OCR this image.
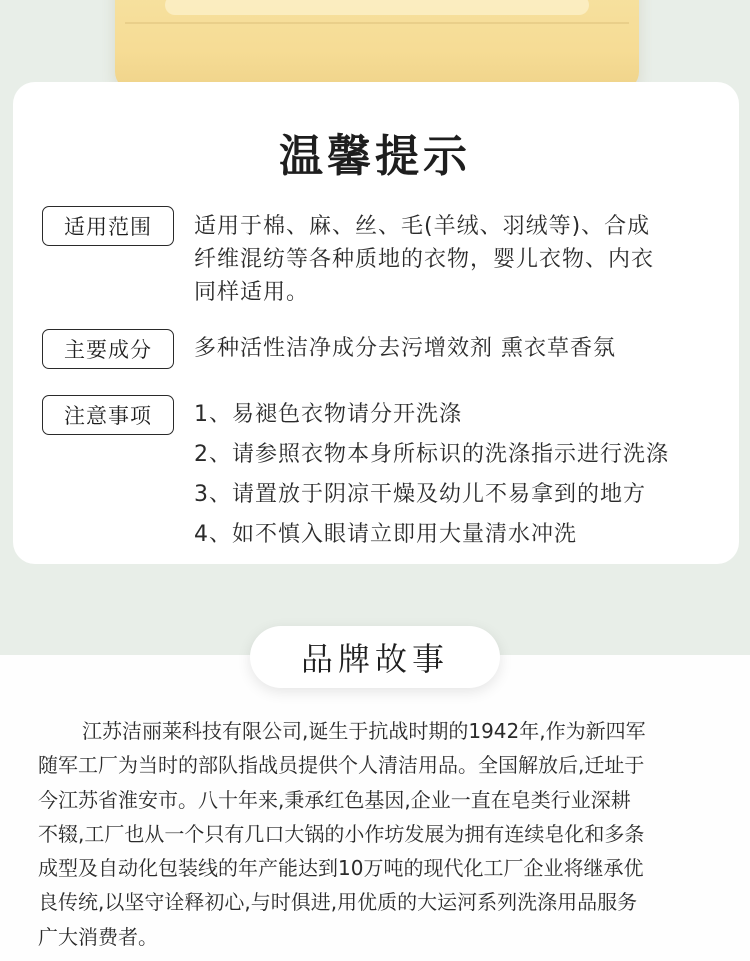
温馨提示
适用范围	适用于棉、麻、丝、毛(羊绒、羽绒等)、合成
纤维混纺等各种质地的衣物，婴儿衣物、内衣
同样适用。
主要成分	多种活性洁净成分去污增效剂 熏衣草香氛
注意事项	1、易褪色衣物请分开洗涤
2、请参照衣物本身所标识的洗涤指示进行洗涤
3、请置放于阴凉干燥及幼儿不易拿到的地方
4、如不慎入眼请立即用大量清水冲洗
品牌故事
江苏洁丽莱科技有限公司,诞生于抗战时期的1942年,作为新四军
随军工厂为当时的部队指战员提供个人清洁用品。全国解放后,迁址于
今江苏省淮安市。八十年来,秉承红色基因,企业一直在皂类行业深耕
不辍,工厂也从一个只有几口大锅的小作坊发展为拥有连续皂化和多条
成型及自动化包装线的年产能达到10万吨的现代化工厂企业将继承优
良传统,以坚守诠释初心,与时俱进,用优质的大运河系列洗涤用品服务
广大消费者。
